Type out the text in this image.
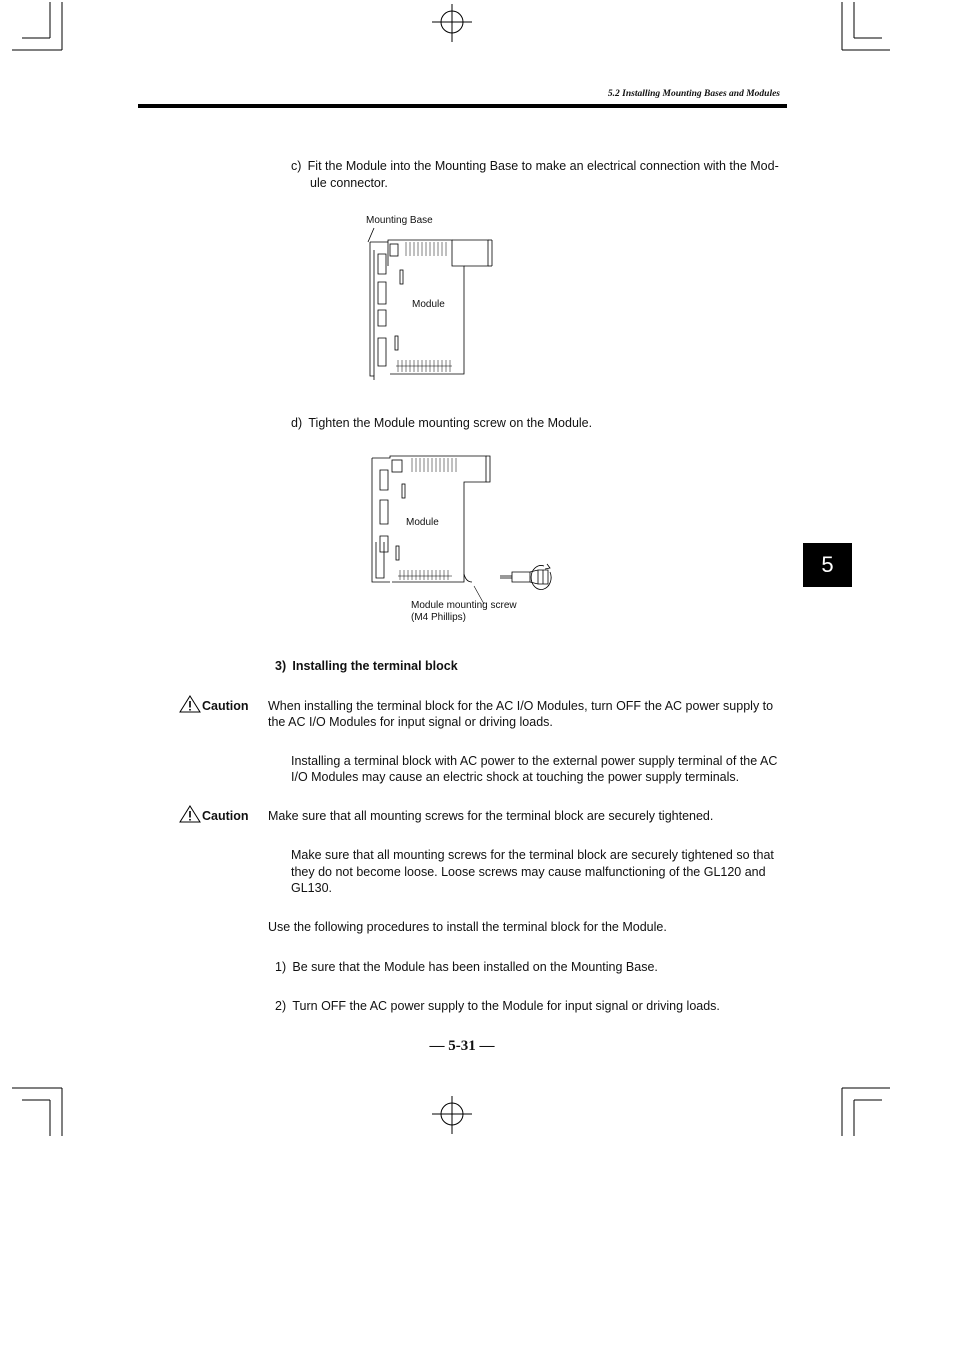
5.2 Installing Mounting Bases and Modules
c) Fit the Module into the Mounting Base to make an electrical connection with the Mod-
ule connector.
Mounting Base
Module
d) Tighten the Module mounting screw on the Module.
Module
Module mounting screw
(M4 Phillips)
3) Installing the terminal block
Caution When installing the terminal block for the AC I/O Modules, turn OFF the AC power supply to
the AC I/O Modules for input signal or driving loads.
Installing a terminal block with AC power to the external power supply terminal of the AC
I/O Modules may cause an electric shock at touching the power supply terminals.
Caution Make sure that all mounting screws for the terminal block are securely tightened.
Make sure that all mounting screws for the terminal block are securely tightened so that
they do not become loose. Loose screws may cause malfunctioning of the GL120 and
GL130.
Use the following procedures to install the terminal block for the Module.
1) Be sure that the Module has been installed on the Mounting Base.
2) Turn OFF the AC power supply to the Module for input signal or driving loads.
— 5-31 —
5
